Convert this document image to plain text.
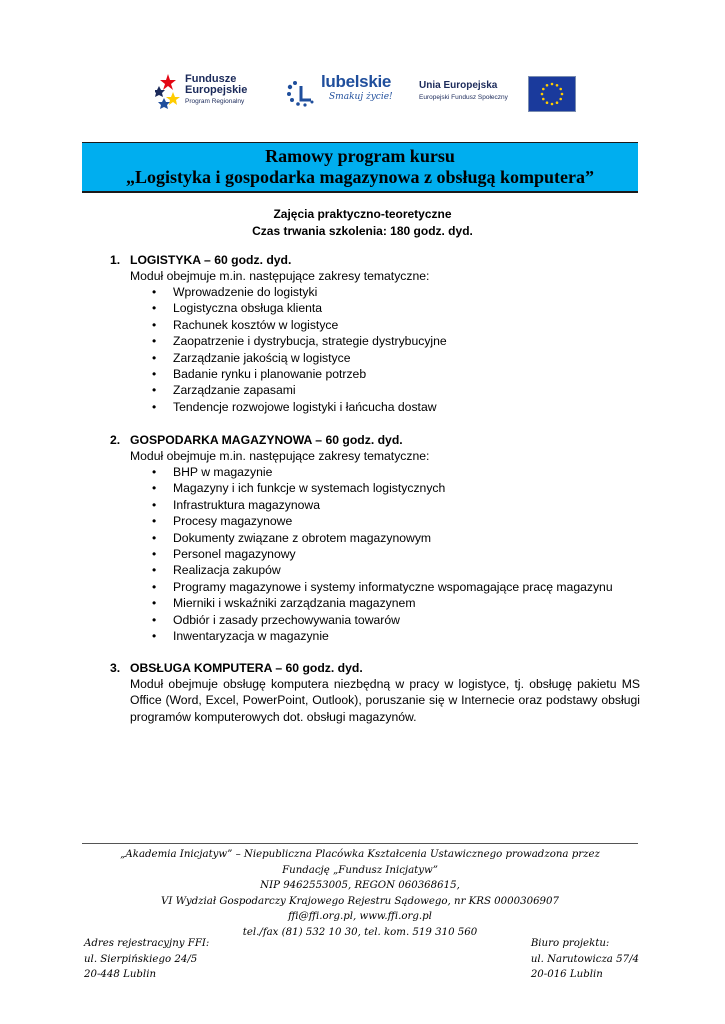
Fundusze
Europejskie
Program Regionalny
lubelskie
Smakuj życie!
Unia Europejska
Europejski Fundusz Społeczny
Ramowy program kursu
„Logistyka i gospodarka magazynowa z obsługą komputera”
Zajęcia praktyczno-teoretyczne
Czas trwania szkolenia: 180 godz. dyd.
1. LOGISTYKA – 60 godz. dyd.
Moduł obejmuje m.in. następujące zakresy tematyczne:
• Wprowadzenie do logistyki
• Logistyczna obsługa klienta
• Rachunek kosztów w logistyce
• Zaopatrzenie i dystrybucja, strategie dystrybucyjne
• Zarządzanie jakością w logistyce
• Badanie rynku i planowanie potrzeb
• Zarządzanie zapasami
• Tendencje rozwojowe logistyki i łańcucha dostaw
2. GOSPODARKA MAGAZYNOWA – 60 godz. dyd.
Moduł obejmuje m.in. następujące zakresy tematyczne:
• BHP w magazynie
• Magazyny i ich funkcje w systemach logistycznych
• Infrastruktura magazynowa
• Procesy magazynowe
• Dokumenty związane z obrotem magazynowym
• Personel magazynowy
• Realizacja zakupów
• Programy magazynowe i systemy informatyczne wspomagające pracę magazynu
• Mierniki i wskaźniki zarządzania magazynem
• Odbiór i zasady przechowywania towarów
• Inwentaryzacja w magazynie
3. OBSŁUGA KOMPUTERA – 60 godz. dyd.
Moduł obejmuje obsługę komputera niezbędną w pracy w logistyce, tj. obsługę pakietu MS Office (Word, Excel, PowerPoint, Outlook), poruszanie się w Internecie oraz podstawy obsługi programów komputerowych dot. obsługi magazynów.
„Akademia Inicjatyw” – Niepubliczna Placówka Kształcenia Ustawicznego prowadzona przez
Fundację „Fundusz Inicjatyw”
NIP 9462553005, REGON 060368615,
VI Wydział Gospodarczy Krajowego Rejestru Sądowego, nr KRS 0000306907
ffi@ffi.org.pl, www.ffi.org.pl
tel./fax (81) 532 10 30, tel. kom. 519 310 560
Adres rejestracyjny FFI:
ul. Sierpińskiego 24/5
20-448 Lublin
Biuro projektu:
ul. Narutowicza 57/4
20-016 Lublin
